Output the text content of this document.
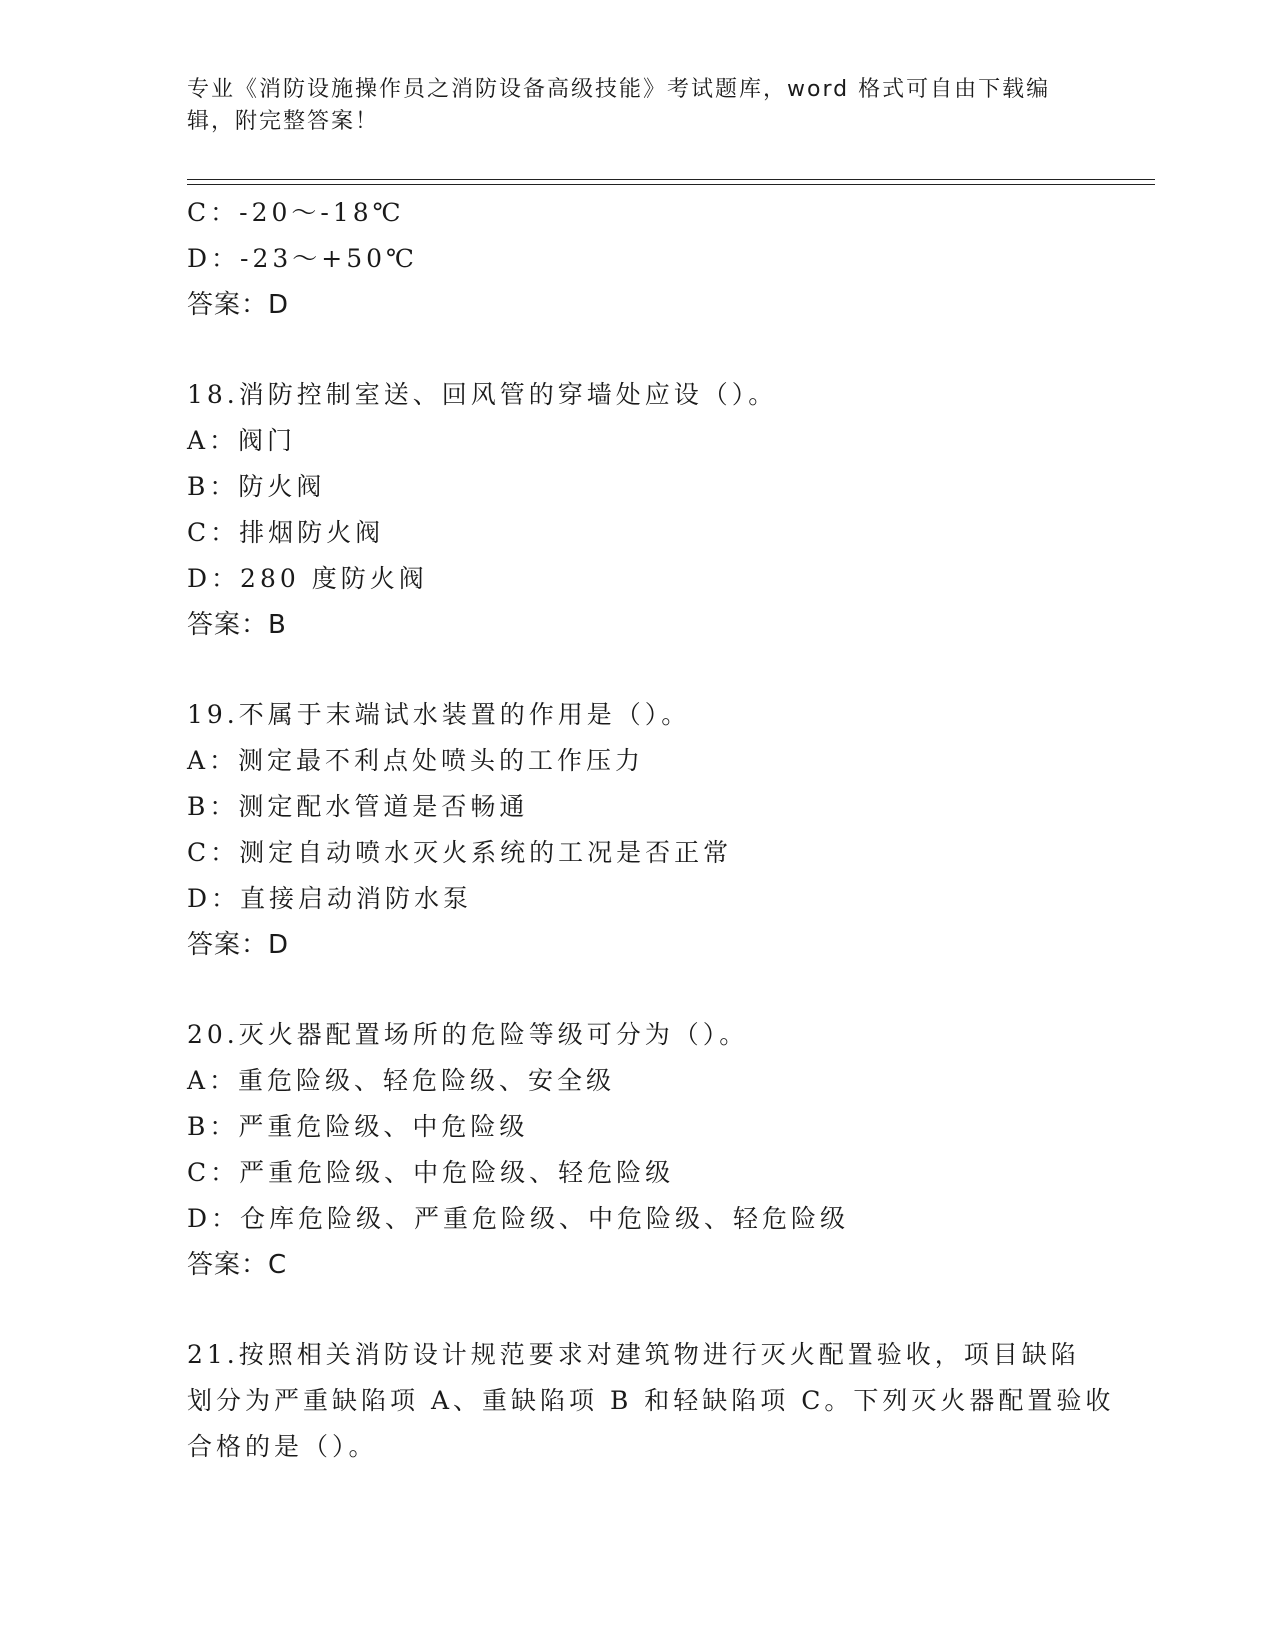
专业《消防设施操作员之消防设备高级技能》考试题库，word 格式可自由下载编
辑，附完整答案！
C：-20～-18℃
D：-23～+50℃
答案：D
18.消防控制室送、回风管的穿墙处应设（）。
A：阀门
B：防火阀
C：排烟防火阀
D：280 度防火阀
答案：B
19.不属于末端试水装置的作用是（）。
A：测定最不利点处喷头的工作压力
B：测定配水管道是否畅通
C：测定自动喷水灭火系统的工况是否正常
D：直接启动消防水泵
答案：D
20.灭火器配置场所的危险等级可分为（）。
A：重危险级、轻危险级、安全级
B：严重危险级、中危险级
C：严重危险级、中危险级、轻危险级
D：仓库危险级、严重危险级、中危险级、轻危险级
答案：C
21.按照相关消防设计规范要求对建筑物进行灭火配置验收，项目缺陷
划分为严重缺陷项 A、重缺陷项 B 和轻缺陷项 C。下列灭火器配置验收
合格的是（）。
